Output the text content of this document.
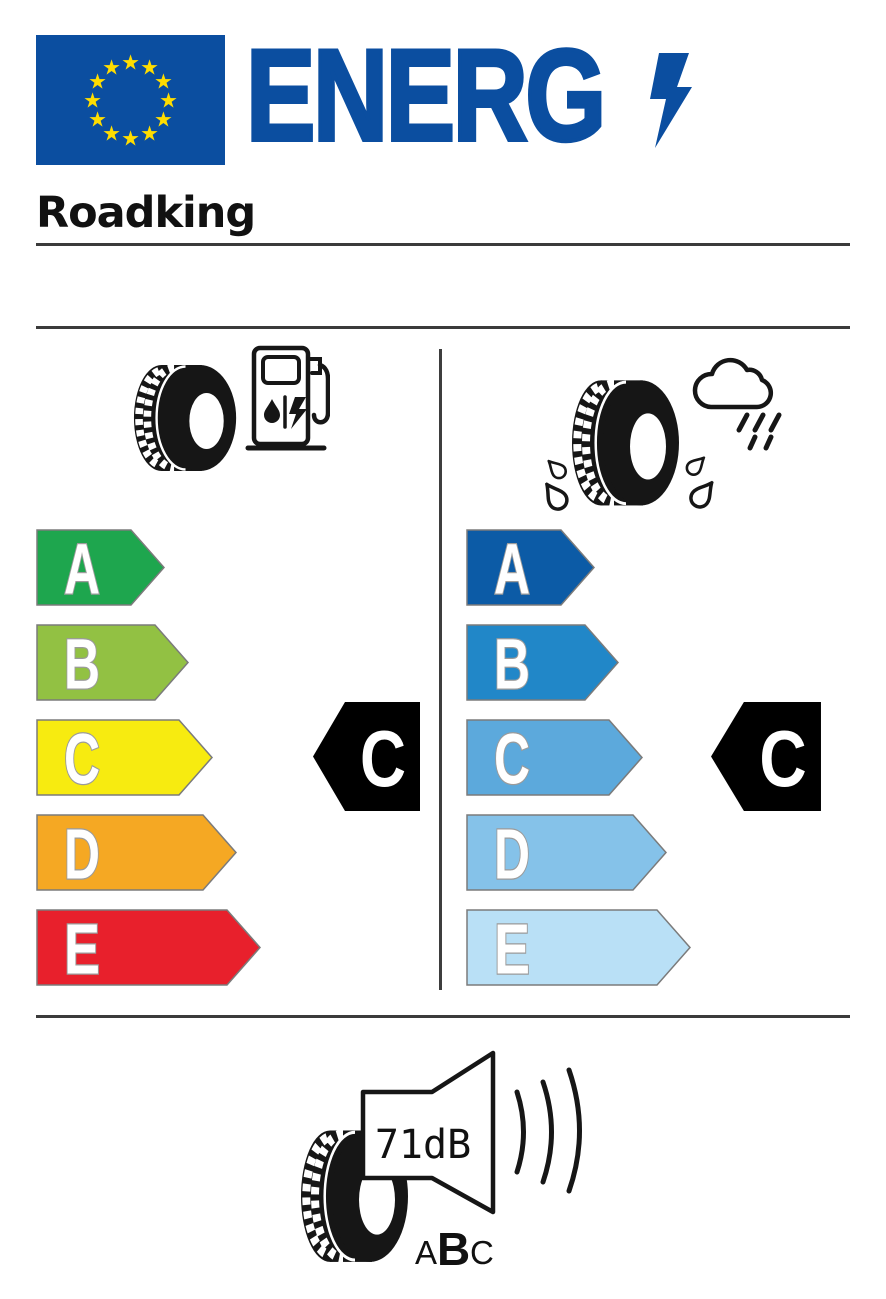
★ ★
★
★
★
★
★
★
★
★
★
★ ENERG
Roadking
A
B
C
D
E
A
B
C
D
E
C	C
71dB
A B C
